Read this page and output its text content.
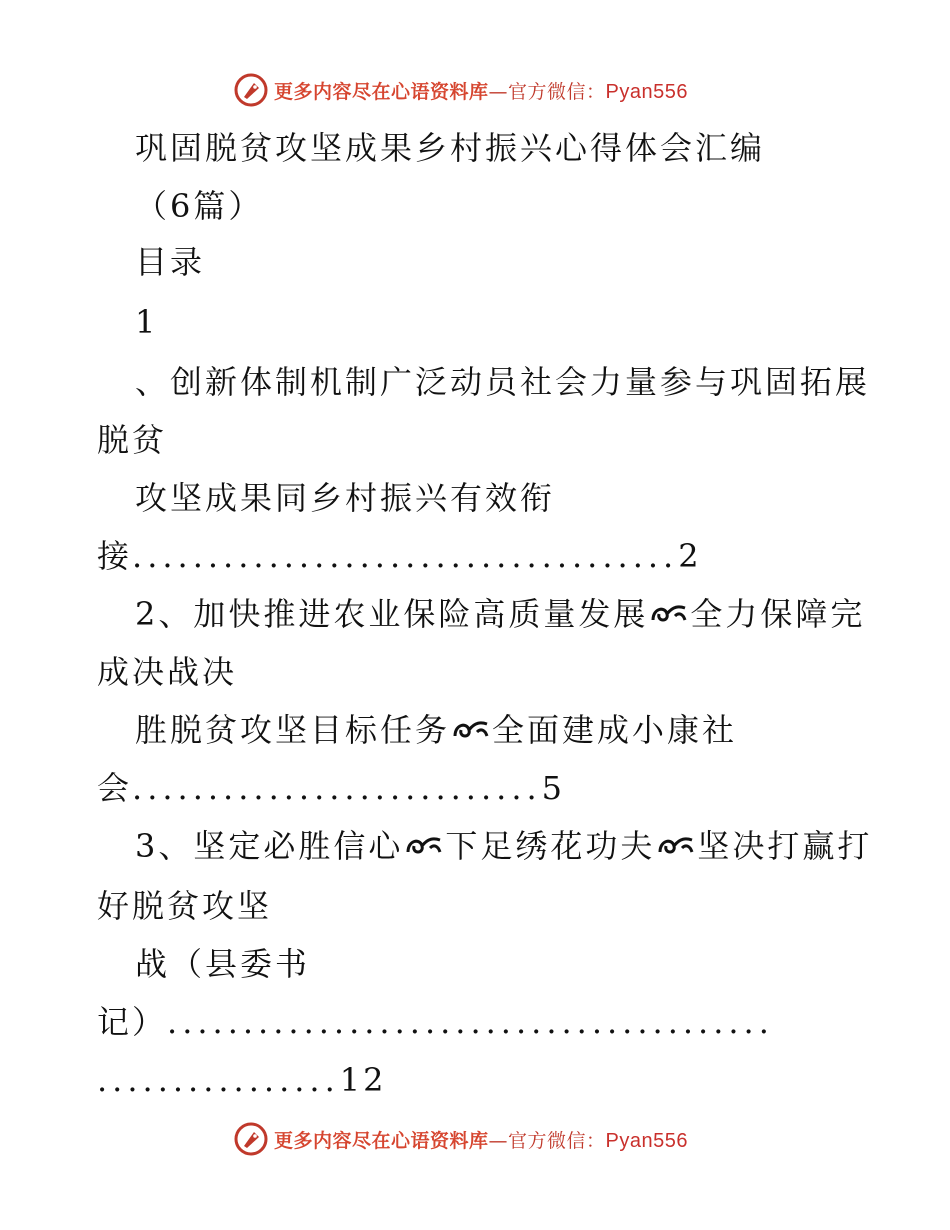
更多内容尽在心语资料库—官方微信：Pyan556
巩固脱贫攻坚成果乡村振兴心得体会汇编
（6篇）
目录
1
、创新体制机制广泛动员社会力量参与巩固拓展
脱贫
攻坚成果同乡村振兴有效衔
接....................................2
2、加快推进农业保险高质量发展 全力保障完
成决战决
胜脱贫攻坚目标任务 全面建成小康社
会...........................5
3、坚定必胜信心 下足绣花功夫 坚决打赢打
好脱贫攻坚
战（县委书
记）........................................
................12
更多内容尽在心语资料库—官方微信：Pyan556
